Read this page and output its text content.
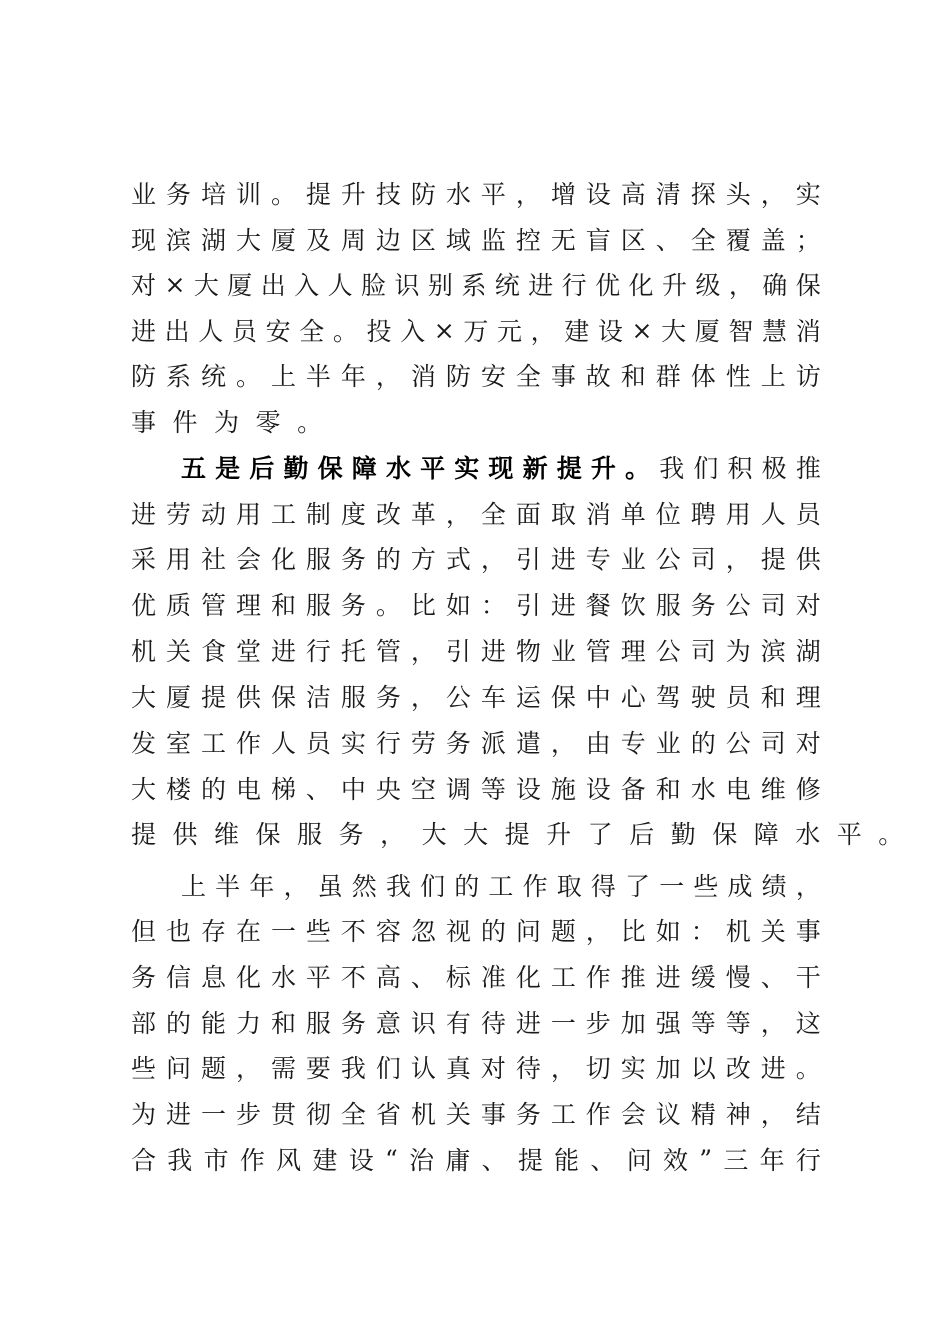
业 务 培 训 。 提 升 技 防 水 平 ， 增 设 高 清 探 头 ， 实
现 滨 湖 大 厦 及 周 边 区 域 监 控 无 盲 区 、 全 覆 盖 ；
对 × 大 厦 出 入 人 脸 识 别 系 统 进 行 优 化 升 级 ， 确 保
进 出 人 员 安 全 。 投 入 × 万 元 ， 建 设 × 大 厦 智 慧 消
防 系 统 。 上 半 年 ， 消 防 安 全 事 故 和 群 体 性 上 访
事 件 为 零 。
五 是 后 勤 保 障 水 平 实 现 新 提 升 。 我 们 积 极 推
进 劳 动 用 工 制 度 改 革 ， 全 面 取 消 单 位 聘 用 人 员
采 用 社 会 化 服 务 的 方 式 ， 引 进 专 业 公 司 ， 提 供
优 质 管 理 和 服 务 。 比 如 ： 引 进 餐 饮 服 务 公 司 对
机 关 食 堂 进 行 托 管 ， 引 进 物 业 管 理 公 司 为 滨 湖
大 厦 提 供 保 洁 服 务 ， 公 车 运 保 中 心 驾 驶 员 和 理
发 室 工 作 人 员 实 行 劳 务 派 遣 ， 由 专 业 的 公 司 对
大 楼 的 电 梯 、 中 央 空 调 等 设 施 设 备 和 水 电 维 修
提 供 维 保 服 务 ， 大 大 提 升 了 后 勤 保 障 水 平 。
上 半 年 ， 虽 然 我 们 的 工 作 取 得 了 一 些 成 绩 ，
但 也 存 在 一 些 不 容 忽 视 的 问 题 ， 比 如 ： 机 关 事
务 信 息 化 水 平 不 高 、 标 准 化 工 作 推 进 缓 慢 、 干
部 的 能 力 和 服 务 意 识 有 待 进 一 步 加 强 等 等 ， 这
些 问 题 ， 需 要 我 们 认 真 对 待 ， 切 实 加 以 改 进 。
为 进 一 步 贯 彻 全 省 机 关 事 务 工 作 会 议 精 神 ， 结
合 我 市 作 风 建 设 “ 治 庸 、 提 能 、 问 效 ” 三 年 行
